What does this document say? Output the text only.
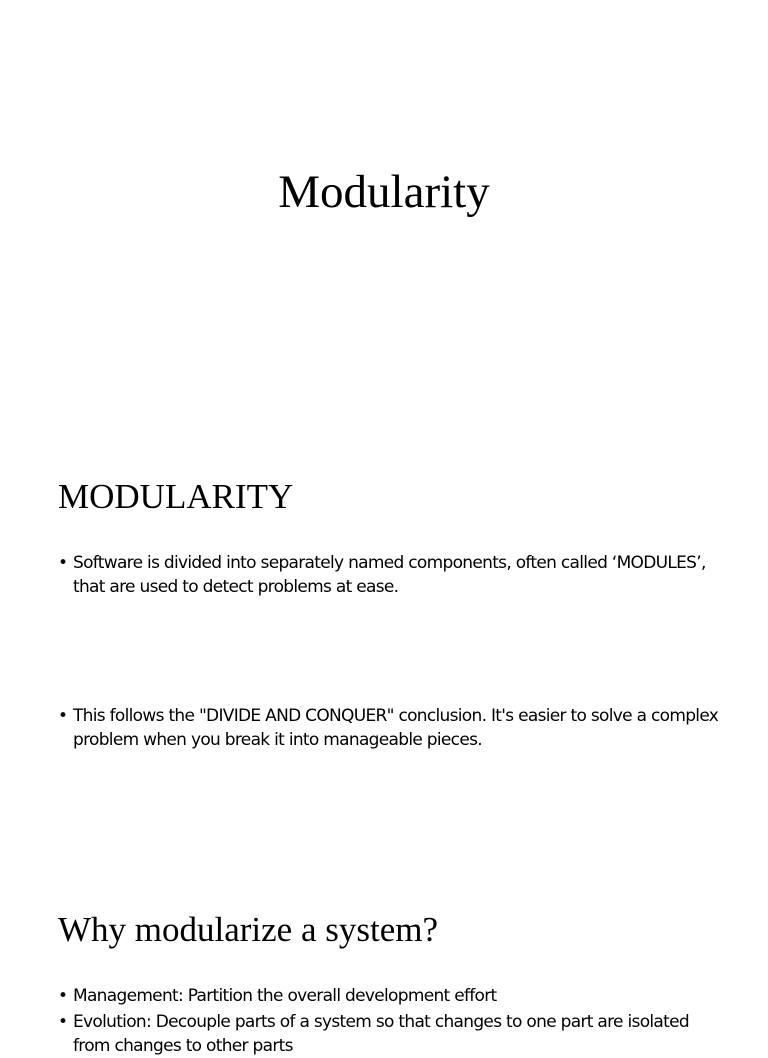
Modularity
MODULARITY

• Software is divided into separately named components, often called ‘MODULES’, that are used to detect problems at ease.

• This follows the "DIVIDE AND CONQUER" conclusion. It's easier to solve a complex problem when you break it into manageable pieces.

Why modularize a system?

• Management: Partition the overall development effort

• Evolution: Decouple parts of a system so that changes to one part are isolated from changes to other parts
